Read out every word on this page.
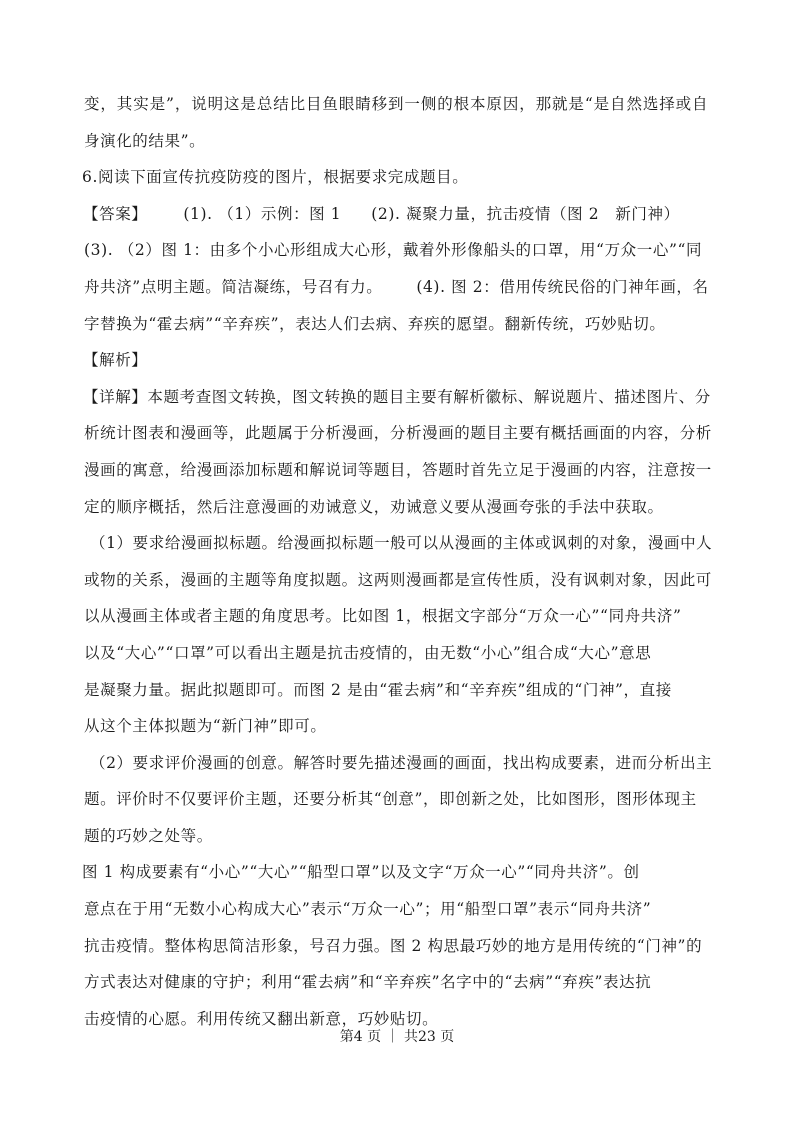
变，其实是”，说明这是总结比目鱼眼睛移到一侧的根本原因，那就是“是自然选择或自
身演化的结果”。
6.阅读下面宣传抗疫防疫的图片，根据要求完成题目。
【答案】 (1). （1）示例：图 1 (2). 凝聚力量，抗击疫情（图 2　新门神）
(3). （2）图 1：由多个小心形组成大心形，戴着外形像船头的口罩，用“万众一心”“同
舟共济”点明主题。简洁凝练，号召有力。 (4). 图 2：借用传统民俗的门神年画，名
字替换为“霍去病”“辛弃疾”，表达人们去病、弃疾的愿望。翻新传统，巧妙贴切。
【解析】
【详解】本题考查图文转换，图文转换的题目主要有解析徽标、解说题片、描述图片、分
析统计图表和漫画等，此题属于分析漫画，分析漫画的题目主要有概括画面的内容，分析
漫画的寓意，给漫画添加标题和解说词等题目，答题时首先立足于漫画的内容，注意按一
定的顺序概括，然后注意漫画的劝诫意义，劝诫意义要从漫画夸张的手法中获取。
（1）要求给漫画拟标题。给漫画拟标题一般可以从漫画的主体或讽刺的对象，漫画中人
或物的关系，漫画的主题等角度拟题。这两则漫画都是宣传性质，没有讽刺对象，因此可
以从漫画主体或者主题的角度思考。比如图 1，根据文字部分“万众一心”“同舟共济”
以及“大心”“口罩”可以看出主题是抗击疫情的，由无数“小心”组合成“大心”意思
是凝聚力量。据此拟题即可。而图 2 是由“霍去病”和“辛弃疾”组成的“门神”，直接
从这个主体拟题为“新门神”即可。
（2）要求评价漫画的创意。解答时要先描述漫画的画面，找出构成要素，进而分析出主
题。评价时不仅要评价主题，还要分析其“创意”，即创新之处，比如图形，图形体现主
题的巧妙之处等。
图 1 构成要素有“小心”“大心”“船型口罩”以及文字“万众一心”“同舟共济”。创
意点在于用“无数小心构成大心”表示“万众一心”；用“船型口罩”表示“同舟共济”
抗击疫情。整体构思简洁形象，号召力强。图 2 构思最巧妙的地方是用传统的“门神”的
方式表达对健康的守护；利用“霍去病”和“辛弃疾”名字中的“去病”“弃疾”表达抗
击疫情的心愿。利用传统又翻出新意，巧妙贴切。
第4 页 ｜ 共23 页
